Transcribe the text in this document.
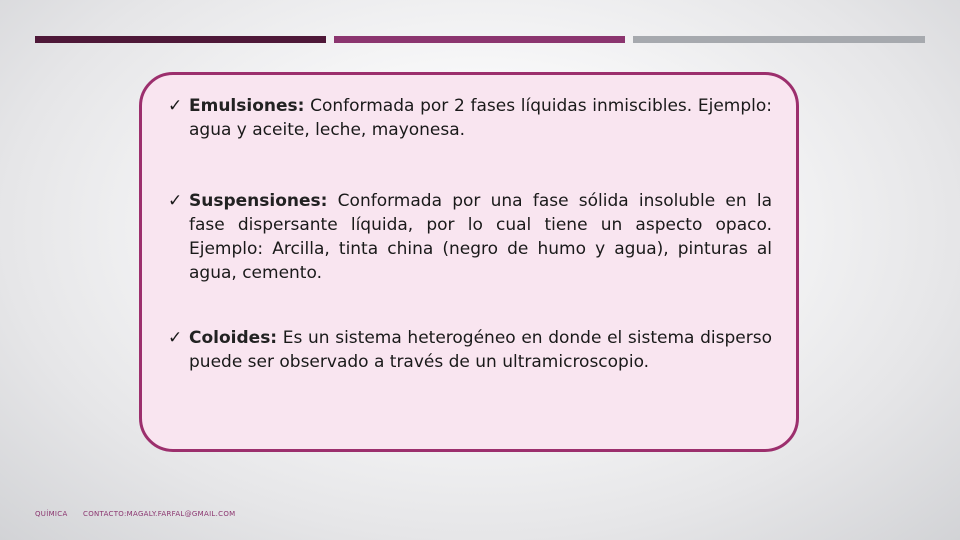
✓ Emulsiones: Conformada por 2 fases líquidas inmiscibles. Ejemplo: agua y aceite, leche, mayonesa.
✓ Suspensiones: Conformada por una fase sólida insoluble en la fase dispersante líquida, por lo cual tiene un aspecto opaco. Ejemplo: Arcilla, tinta china (negro de humo y agua), pinturas al agua, cemento.
✓ Coloides: Es un sistema heterogéneo en donde el sistema disperso puede ser observado a través de un ultramicroscopio.
QUÍMICA CONTACTO:MAGALY.FARFAL@GMAIL.COM
